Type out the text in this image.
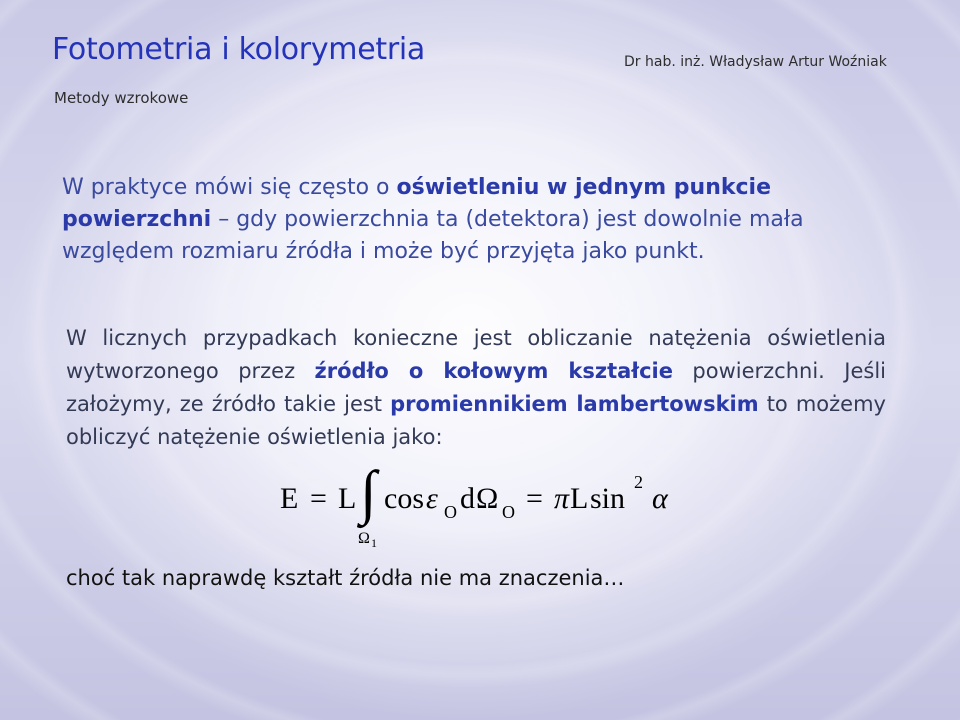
Fotometria i kolorymetria	Dr hab. inż. Władysław Artur Woźniak
Metody wzrokowe
W praktyce mówi się często o oświetleniu w jednym punkcie powierzchni – gdy powierzchnia ta (detektora) jest dowolnie mała względem rozmiaru źródła i może być przyjęta jako punkt.
W licznych przypadkach konieczne jest obliczanie natężenia oświetlenia wytworzonego przez źródło o kołowym kształcie powierzchni. Jeśli założymy, ze źródło takie jest promiennikiem lambertowskim to możemy obliczyć natężenie oświetlenia jako:
E = L ∫ cos ε O d Ω O = π L sin 2 α
Ω 1
choć tak naprawdę kształt źródła nie ma znaczenia…
